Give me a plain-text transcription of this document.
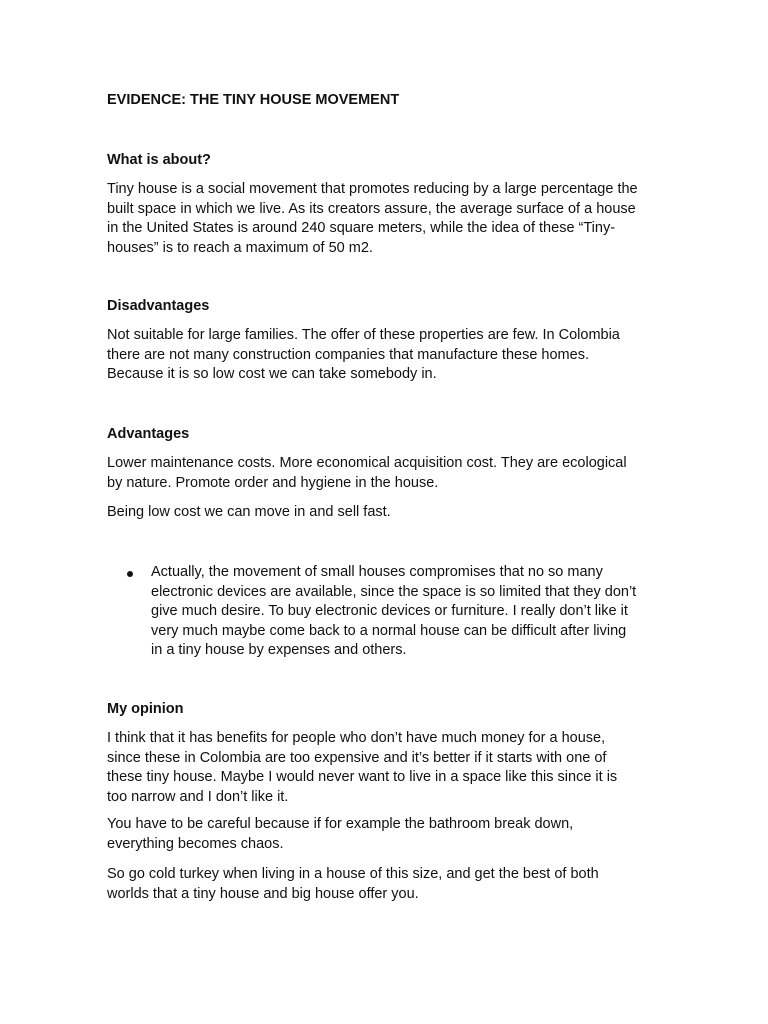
EVIDENCE: THE TINY HOUSE MOVEMENT
What is about?
Tiny house is a social movement that promotes reducing by a large percentage the
built space in which we live. As its creators assure, the average surface of a house
in the United States is around 240 square meters, while the idea of these “Tiny-
houses” is to reach a maximum of 50 m2.
Disadvantages
Not suitable for large families. The offer of these properties are few. In Colombia
there are not many construction companies that manufacture these homes.
Because it is so low cost we can take somebody in.
Advantages
Lower maintenance costs. More economical acquisition cost. They are ecological
by nature. Promote order and hygiene in the house.
Being low cost we can move in and sell fast.
Actually, the movement of small houses compromises that no so many
electronic devices are available, since the space is so limited that they don’t
give much desire. To buy electronic devices or furniture. I really don’t like it
very much maybe come back to a normal house can be difficult after living
in a tiny house by expenses and others.
My opinion
I think that it has benefits for people who don’t have much money for a house,
since these in Colombia are too expensive and it’s better if it starts with one of
these tiny house. Maybe I would never want to live in a space like this since it is
too narrow and I don’t like it.
You have to be careful because if for example the bathroom break down,
everything becomes chaos.
So go cold turkey when living in a house of this size, and get the best of both
worlds that a tiny house and big house offer you.
